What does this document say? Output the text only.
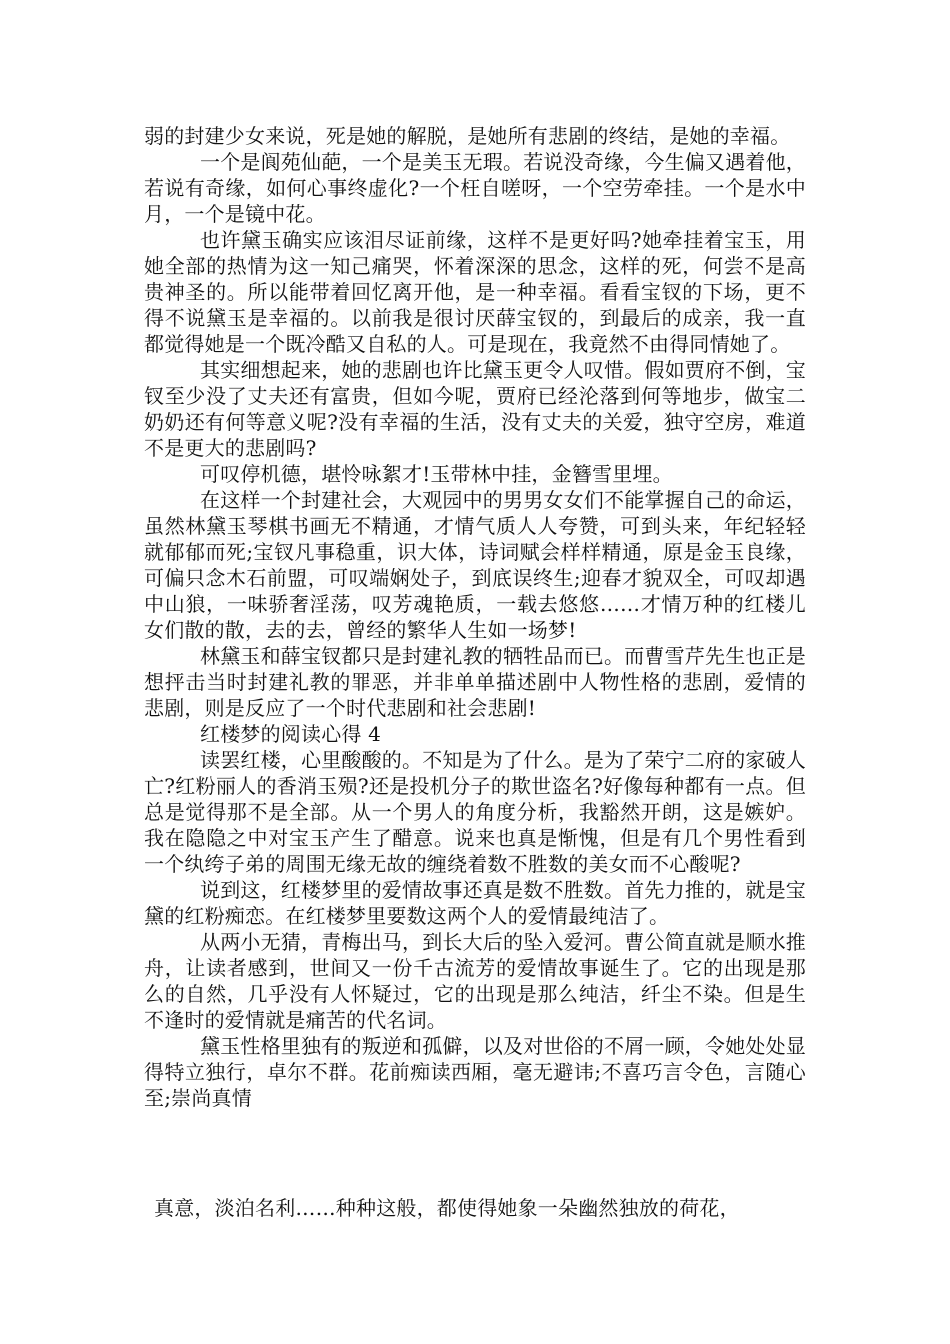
弱的封建少女来说，死是她的解脱，是她所有悲剧的终结，是她的幸福。

一个是阆苑仙葩，一个是美玉无瑕。若说没奇缘，今生偏又遇着他，若说有奇缘，如何心事终虚化?一个枉自嗟呀，一个空劳牵挂。一个是水中月，一个是镜中花。

也许黛玉确实应该泪尽证前缘，这样不是更好吗?她牵挂着宝玉，用她全部的热情为这一知己痛哭，怀着深深的思念，这样的死，何尝不是高贵神圣的。所以能带着回忆离开他，是一种幸福。看看宝钗的下场，更不得不说黛玉是幸福的。以前我是很讨厌薛宝钗的，到最后的成亲，我一直都觉得她是一个既冷酷又自私的人。可是现在，我竟然不由得同情她了。

其实细想起来，她的悲剧也许比黛玉更令人叹惜。假如贾府不倒，宝钗至少没了丈夫还有富贵，但如今呢，贾府已经沦落到何等地步，做宝二奶奶还有何等意义呢?没有幸福的生活，没有丈夫的关爱，独守空房，难道不是更大的悲剧吗?

可叹停机德，堪怜咏絮才!玉带林中挂，金簪雪里埋。

在这样一个封建社会，大观园中的男男女女们不能掌握自己的命运，虽然林黛玉琴棋书画无不精通，才情气质人人夸赞，可到头来，年纪轻轻就郁郁而死;宝钗凡事稳重，识大体，诗词赋会样样精通，原是金玉良缘，可偏只念木石前盟，可叹端娴处子，到底误终生;迎春才貌双全，可叹却遇中山狼，一味骄奢淫荡，叹芳魂艳质，一载去悠悠……才情万种的红楼儿女们散的散，去的去，曾经的繁华人生如一场梦!

林黛玉和薛宝钗都只是封建礼教的牺牲品而已。而曹雪芹先生也正是想抨击当时封建礼教的罪恶，并非单单描述剧中人物性格的悲剧，爱情的悲剧，则是反应了一个时代悲剧和社会悲剧!

红楼梦的阅读心得 4

读罢红楼，心里酸酸的。不知是为了什么。是为了荣宁二府的家破人亡?红粉丽人的香消玉殒?还是投机分子的欺世盗名?好像每种都有一点。但总是觉得那不是全部。从一个男人的角度分析，我豁然开朗，这是嫉妒。我在隐隐之中对宝玉产生了醋意。说来也真是惭愧，但是有几个男性看到一个纨绔子弟的周围无缘无故的缠绕着数不胜数的美女而不心酸呢?

说到这，红楼梦里的爱情故事还真是数不胜数。首先力推的，就是宝黛的红粉痴恋。在红楼梦里要数这两个人的爱情最纯洁了。

从两小无猜，青梅出马，到长大后的坠入爱河。曹公简直就是顺水推舟，让读者感到，世间又一份千古流芳的爱情故事诞生了。它的出现是那么的自然，几乎没有人怀疑过，它的出现是那么纯洁，纤尘不染。但是生不逢时的爱情就是痛苦的代名词。

黛玉性格里独有的叛逆和孤僻，以及对世俗的不屑一顾，令她处处显得特立独行，卓尔不群。花前痴读西厢，毫无避讳;不喜巧言令色，言随心至;崇尚真情

真意，淡泊名利……种种这般，都使得她象一朵幽然独放的荷花，
